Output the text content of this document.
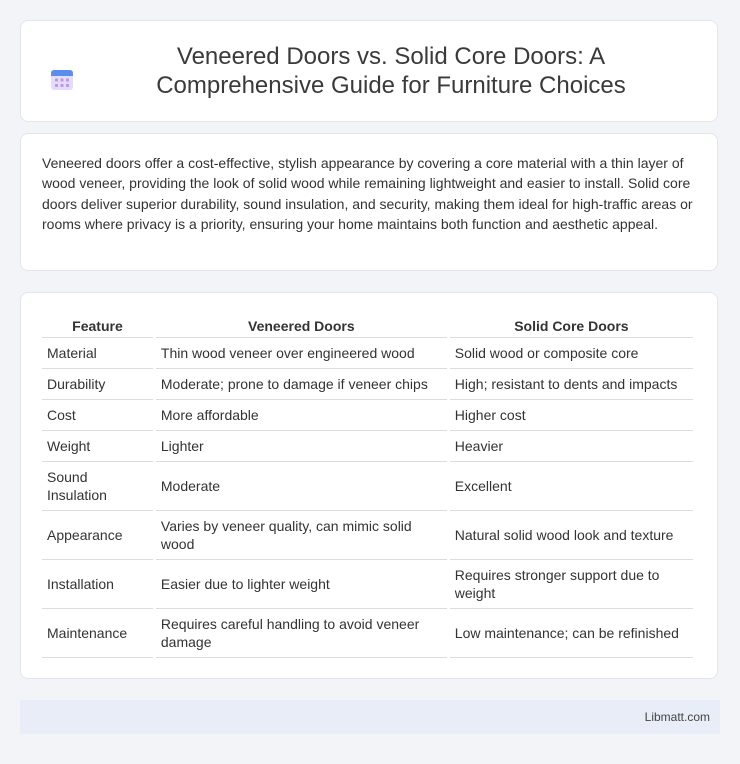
Veneered Doors vs. Solid Core Doors: A Comprehensive Guide for Furniture Choices

Veneered doors offer a cost-effective, stylish appearance by covering a core material with a thin layer of wood veneer, providing the look of solid wood while remaining lightweight and easier to install. Solid core doors deliver superior durability, sound insulation, and security, making them ideal for high-traffic areas or rooms where privacy is a priority, ensuring your home maintains both function and aesthetic appeal.

Feature	Veneered Doors	Solid Core Doors
Material	Thin wood veneer over engineered wood	Solid wood or composite core
Durability	Moderate; prone to damage if veneer chips	High; resistant to dents and impacts
Cost	More affordable	Higher cost
Weight	Lighter	Heavier
Sound Insulation	Moderate	Excellent
Appearance	Varies by veneer quality, can mimic solid wood	Natural solid wood look and texture
Installation	Easier due to lighter weight	Requires stronger support due to weight
Maintenance	Requires careful handling to avoid veneer damage	Low maintenance; can be refinished
Libmatt.com
